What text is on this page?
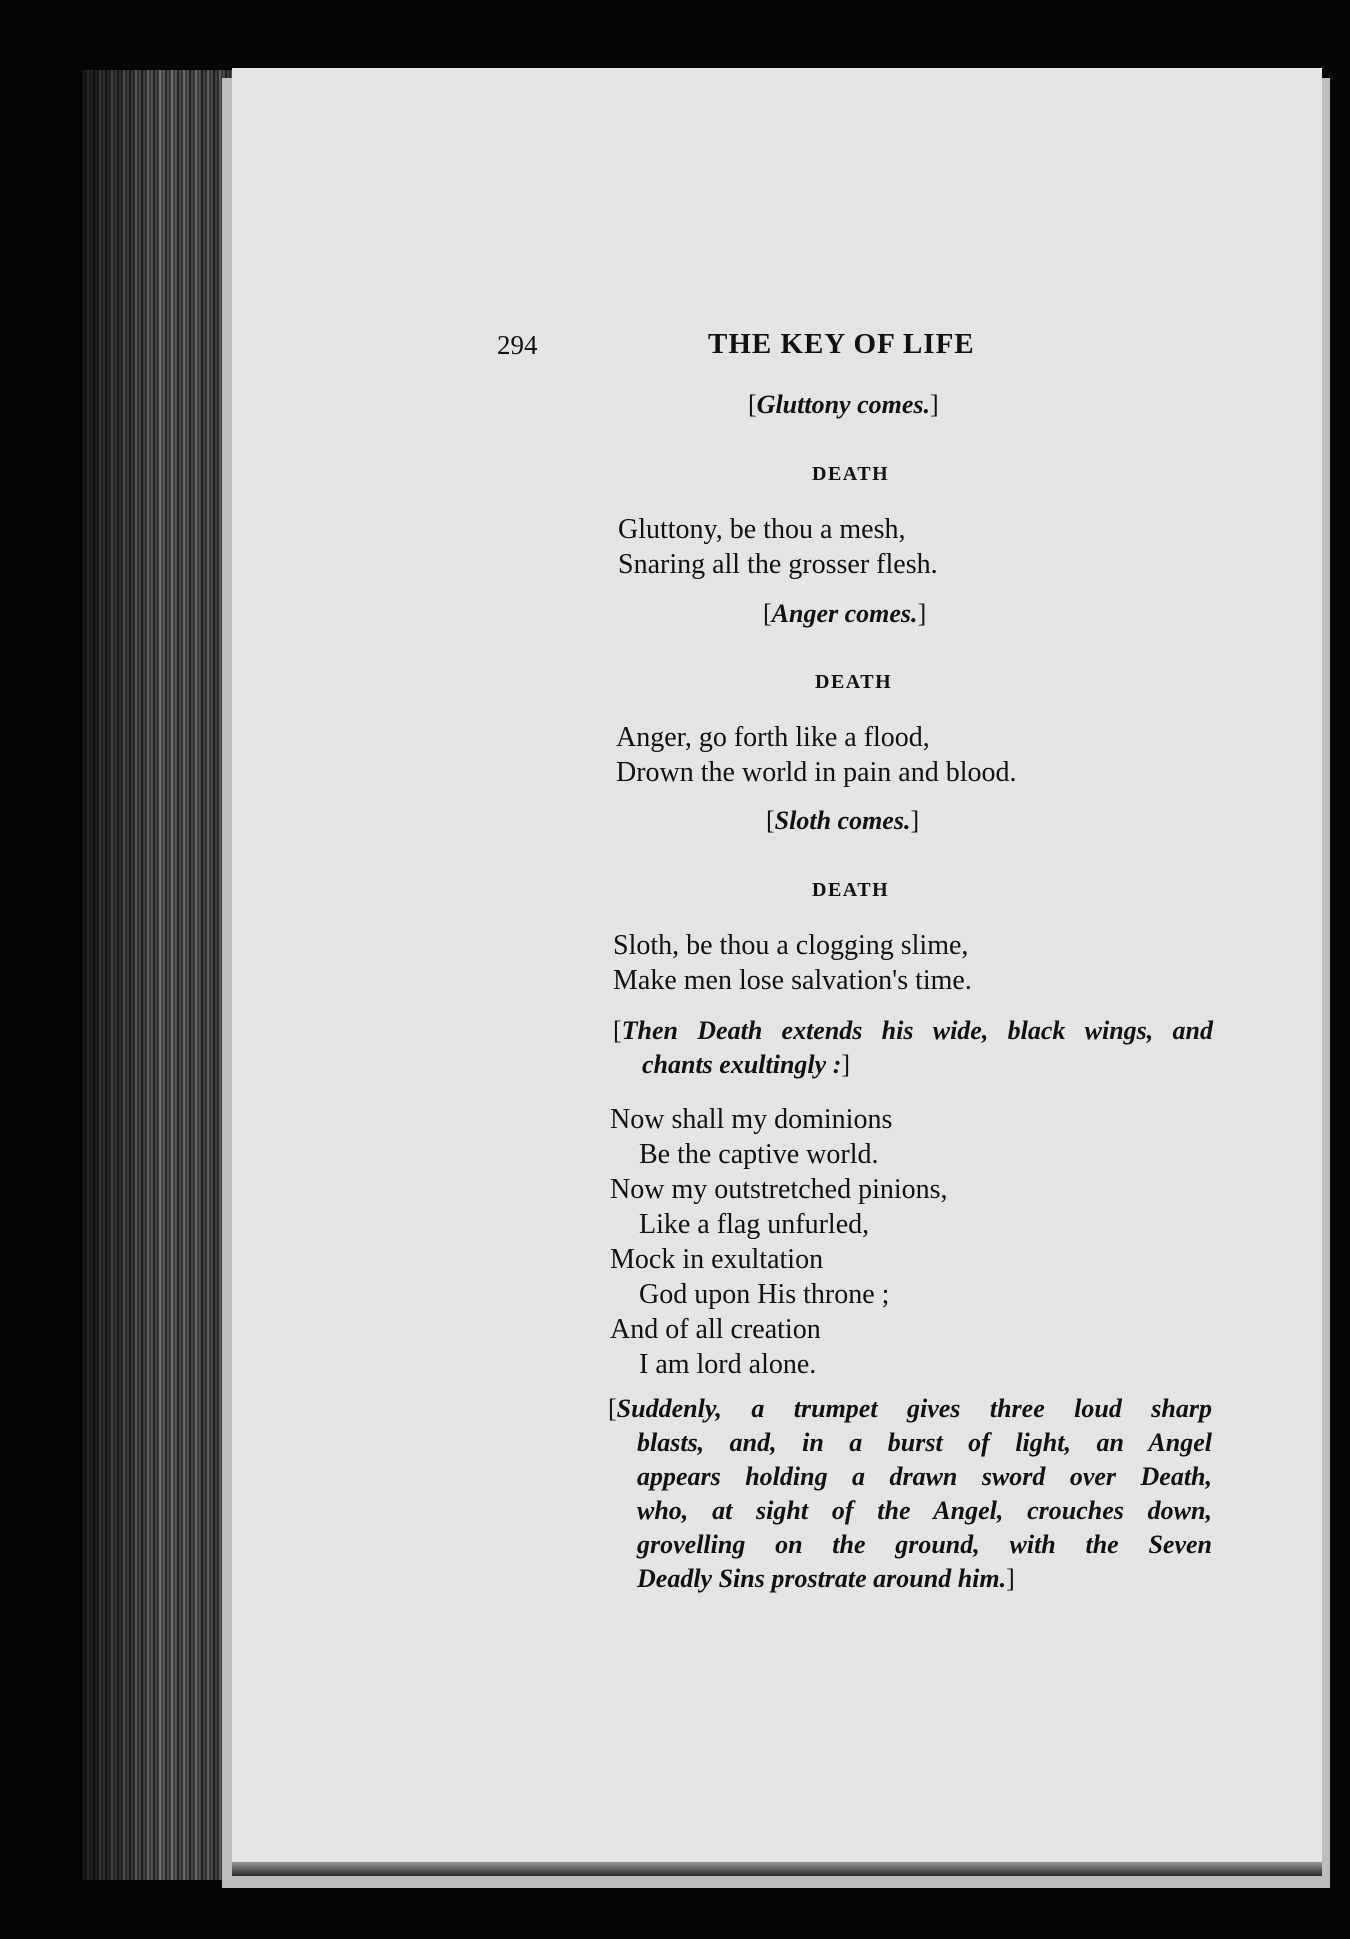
294	THE KEY OF LIFE
[Gluttony comes.]
DEATH
Gluttony, be thou a mesh,
Snaring all the grosser flesh.
[Anger comes.]
DEATH
Anger, go forth like a flood,
Drown the world in pain and blood.
[Sloth comes.]
DEATH
Sloth, be thou a clogging slime,
Make men lose salvation's time.
[Then Death extends his wide, black wings, and
chants exultingly :]
Now shall my dominions
Be the captive world.
Now my outstretched pinions,
Like a flag unfurled,
Mock in exultation
God upon His throne ;
And of all creation
I am lord alone.
[Suddenly, a trumpet gives three loud sharp
blasts, and, in a burst of light, an Angel
appears holding a drawn sword over Death,
who, at sight of the Angel, crouches down,
grovelling on the ground, with the Seven
Deadly Sins prostrate around him.]
